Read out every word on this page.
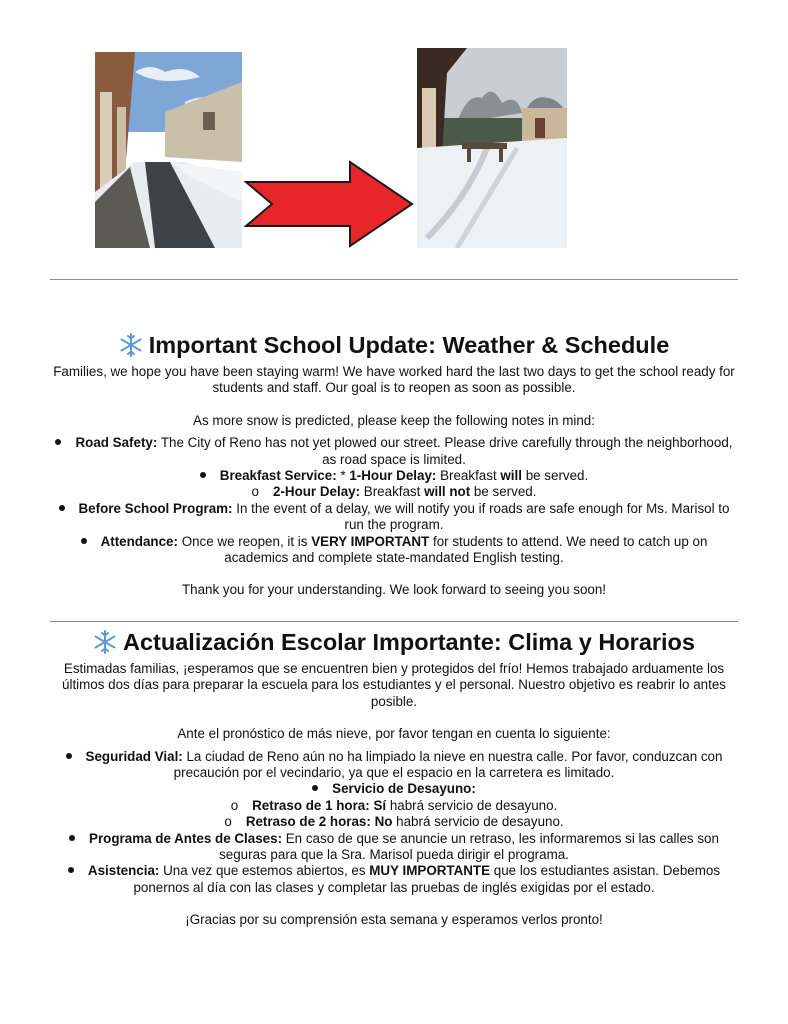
Important School Update: Weather & Schedule

Families, we hope you have been staying warm! We have worked hard the last two days to get the school ready for students and staff. Our goal is to reopen as soon as possible.

As more snow is predicted, please keep the following notes in mind:

Road Safety: The City of Reno has not yet plowed our street. Please drive carefully through the neighborhood, as road space is limited.
Breakfast Service: * 1-Hour Delay: Breakfast will be served.
o 2-Hour Delay: Breakfast will not be served.
Before School Program: In the event of a delay, we will notify you if roads are safe enough for Ms. Marisol to run the program.
Attendance: Once we reopen, it is VERY IMPORTANT for students to attend. We need to catch up on academics and complete state-mandated English testing.

Thank you for your understanding. We look forward to seeing you soon!

Actualización Escolar Importante: Clima y Horarios

Estimadas familias, ¡esperamos que se encuentren bien y protegidos del frío! Hemos trabajado arduamente los últimos dos días para preparar la escuela para los estudiantes y el personal. Nuestro objetivo es reabrir lo antes posible.

Ante el pronóstico de más nieve, por favor tengan en cuenta lo siguiente:

Seguridad Vial: La ciudad de Reno aún no ha limpiado la nieve en nuestra calle. Por favor, conduzcan con precaución por el vecindario, ya que el espacio en la carretera es limitado.
Servicio de Desayuno:
o Retraso de 1 hora: Sí habrá servicio de desayuno.
o Retraso de 2 horas: No habrá servicio de desayuno.
Programa de Antes de Clases: En caso de que se anuncie un retraso, les informaremos si las calles son seguras para que la Sra. Marisol pueda dirigir el programa.
Asistencia: Una vez que estemos abiertos, es MUY IMPORTANTE que los estudiantes asistan. Debemos ponernos al día con las clases y completar las pruebas de inglés exigidas por el estado.

¡Gracias por su comprensión esta semana y esperamos verlos pronto!
